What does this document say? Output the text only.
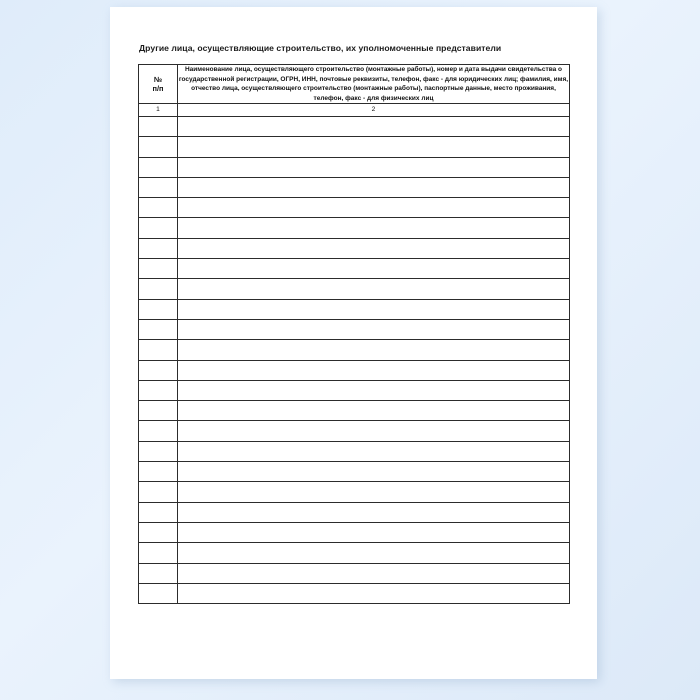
Другие лица, осуществляющие строительство, их уполномоченные представители
№
п/п	Наименование лица, осуществляющего строительство (монтажные работы), номер и дата выдачи свидетельства о государственной регистрации, ОГРН, ИНН, почтовые реквизиты, телефон, факс - для юридических лиц; фамилия, имя, отчество лица, осуществляющего строительство (монтажные работы), паспортные данные, место проживания, телефон, факс - для физических лиц
1	2
